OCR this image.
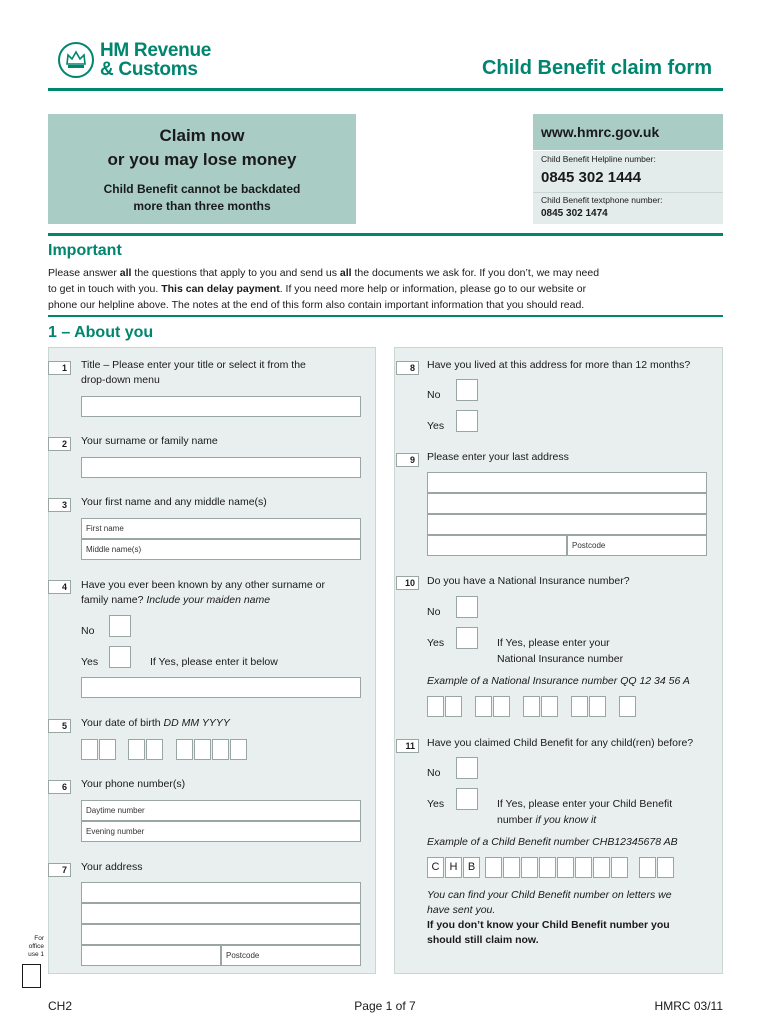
HM Revenue
& Customs	Child Benefit claim form
Claim now
or you may lose money
Child Benefit cannot be backdated
more than three months
www.hmrc.gov.uk
Child Benefit Helpline number:
0845 302 1444
Child Benefit textphone number:
0845 302 1474
Important
Please answer all the questions that apply to you and send us all the documents we ask for. If you don’t, we may need
to get in touch with you. This can delay payment. If you need more help or information, please go to our website or
phone our helpline above. The notes at the end of this form also contain important information that you should read.
1 – About you
1	Title – Please enter your title or select it from the
drop-down menu
2	Your surname or family name
3	Your first name and any middle name(s)
First name
Middle name(s)
4	Have you ever been known by any other surname or
family name? Include your maiden name
No
Yes	If Yes, please enter it below
5	Your date of birth DD MM YYYY
6	Your phone number(s)
Daytime number
Evening number
7	Your address
Postcode
8	Have you lived at this address for more than 12 months?
No
Yes
9	Please enter your last address
Postcode
10	Do you have a National Insurance number?
No
Yes	If Yes, please enter your
National Insurance number
Example of a National Insurance number QQ 12 34 56 A
11	Have you claimed Child Benefit for any child(ren) before?
No
Yes	If Yes, please enter your Child Benefit
number if you know it
Example of a Child Benefit number CHB12345678 AB
C H B
You can find your Child Benefit number on letters we
have sent you.
If you don’t know your Child Benefit number you
should still claim now.
For
office
use 1
CH2	Page 1 of 7	HMRC 03/11
